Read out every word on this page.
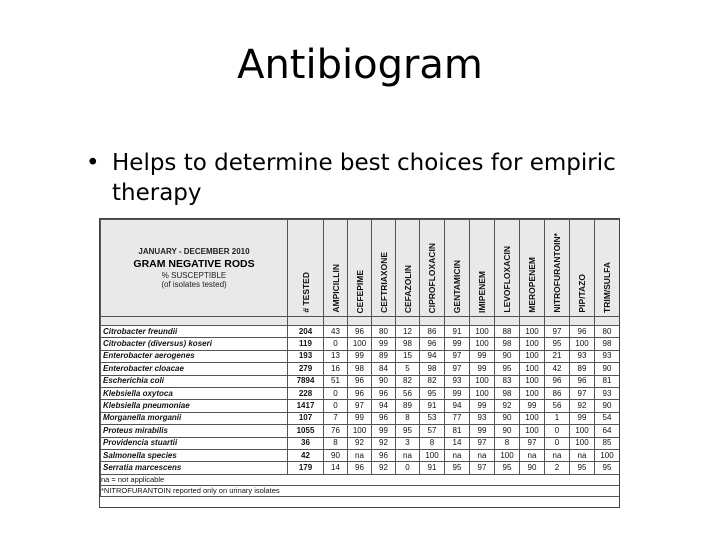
Antibiogram
• Helps to determine best choices for empiric therapy
JANUARY - DECEMBER 2010
GRAM NEGATIVE RODS
% SUSCEPTIBLE
(of isolates tested)	# TESTED	AMPICILLIN	CEFEPIME	CEFTRIAXONE	CEFAZOLIN	CIPROFLOXACIN	GENTAMICIN	IMIPENEM	LEVOFLOXACIN	MEROPENEM	NITROFURANTOIN*	PIP/TAZO	TRIM/SULFA

Citrobacter freundii	204	43	96	80	12	86	91	100	88	100	97	96	80
Citrobacter (diversus) koseri	119	0	100	99	98	96	99	100	98	100	95	100	98
Enterobacter aerogenes	193	13	99	89	15	94	97	99	90	100	21	93	93
Enterobacter cloacae	279	16	98	84	5	98	97	99	95	100	42	89	90
Escherichia coli	7894	51	96	90	82	82	93	100	83	100	96	96	81
Klebsiella oxytoca	228	0	96	96	56	95	99	100	98	100	86	97	93
Klebsiella pneumoniae	1417	0	97	94	89	91	94	99	92	99	56	92	90
Morganella morganii	107	7	99	96	8	53	77	93	90	100	1	99	54
Proteus mirabilis	1055	76	100	99	95	57	81	99	90	100	0	100	64
Providencia stuartii	36	8	92	92	3	8	14	97	8	97	0	100	85
Salmonella species	42	90	na	96	na	100	na	na	100	na	na	na	100
Serratia marcescens	179	14	96	92	0	91	95	97	95	90	2	95	95
na = not applicable													
*NITROFURANTOIN reported only on urinary isolates													
